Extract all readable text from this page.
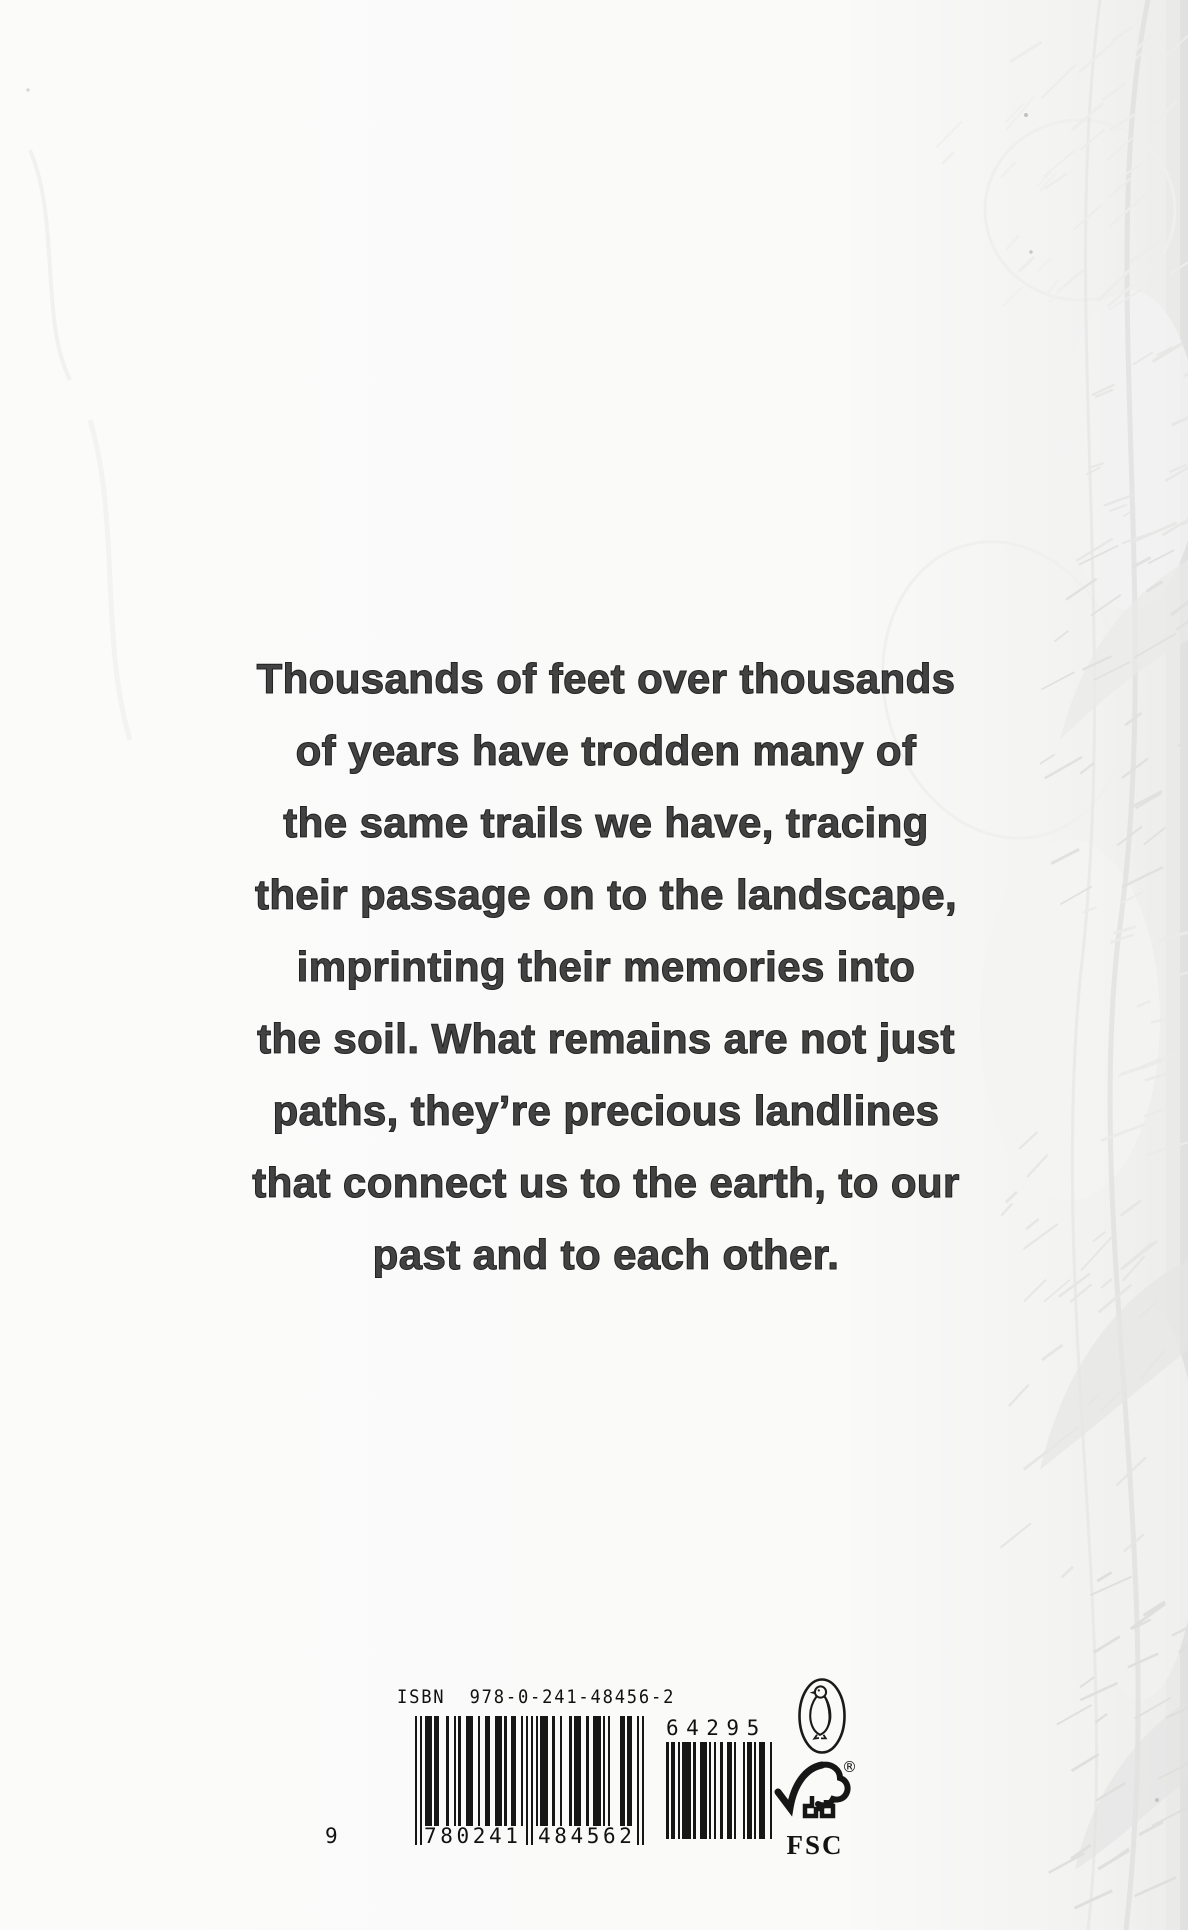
Thousands of feet over thousands
of years have trodden many of
the same trails we have, tracing
their passage on to the landscape,
imprinting their memories into
the soil. What remains are not just
paths, they’re precious landlines
that connect us to the earth, to our
past and to each other.
ISBN  978-0-241-48456-2
9	780241 484562
64295
®
FSC
